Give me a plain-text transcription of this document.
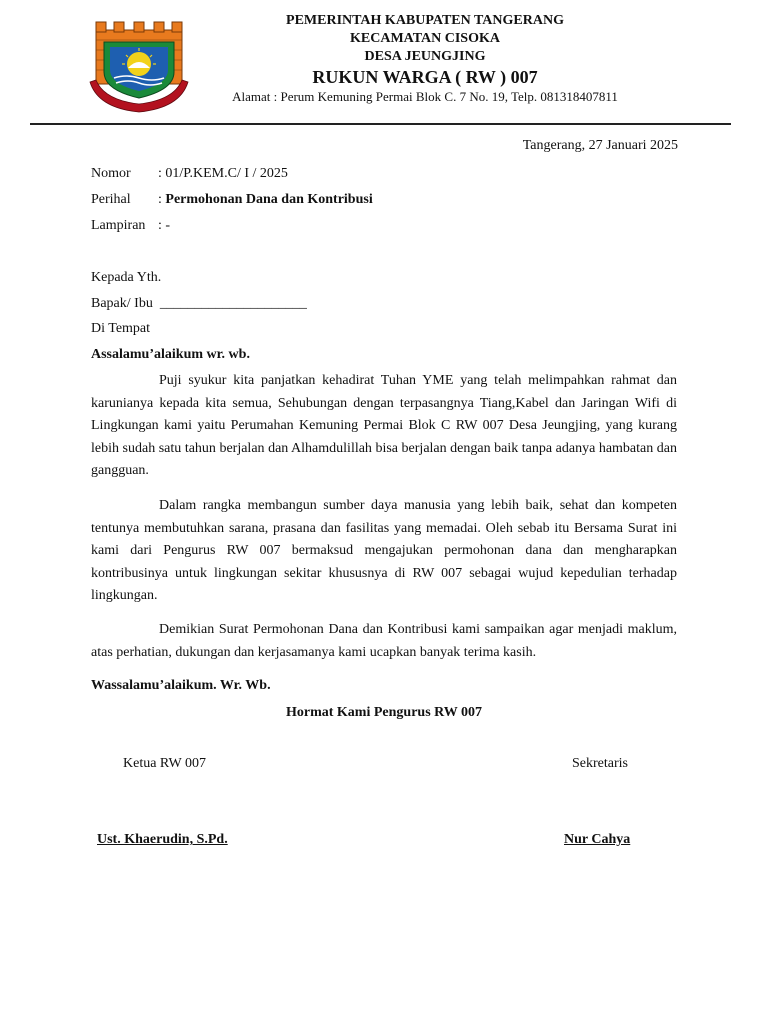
PEMERINTAH KABUPATEN TANGERANG
KECAMATAN CISOKA
DESA JEUNGJING
RUKUN WARGA ( RW ) 007
Alamat : Perum Kemuning Permai Blok C. 7 No. 19, Telp. 081318407811
Tangerang, 27 Januari 2025
Nomor : 01/P.KEM.C/ I / 2025
Perihal : Permohonan Dana dan Kontribusi
Lampiran : -
Kepada Yth.
Bapak/ Ibu  _____________________
Di Tempat
Assalamu’alaikum wr. wb.
Puji syukur kita panjatkan kehadirat Tuhan YME yang telah melimpahkan rahmat dan karunianya kepada kita semua, Sehubungan dengan terpasangnya Tiang,Kabel dan Jaringan Wifi di Lingkungan kami yaitu Perumahan Kemuning Permai Blok C RW 007 Desa Jeungjing, yang kurang lebih sudah satu tahun berjalan dan Alhamdulillah bisa berjalan dengan baik tanpa adanya hambatan dan gangguan.
Dalam rangka membangun sumber daya manusia yang lebih baik, sehat dan kompeten tentunya membutuhkan sarana, prasana dan fasilitas yang memadai. Oleh sebab itu Bersama Surat ini kami dari Pengurus RW 007 bermaksud mengajukan permohonan dana dan mengharapkan kontribusinya untuk lingkungan sekitar khususnya di RW 007 sebagai wujud kepedulian terhadap lingkungan.
Demikian Surat Permohonan Dana dan Kontribusi kami sampaikan agar menjadi maklum, atas perhatian, dukungan dan kerjasamanya kami ucapkan banyak terima kasih.
Wassalamu’alaikum. Wr. Wb.
Hormat Kami Pengurus RW 007
Ketua RW 007	Sekretaris
Ust. Khaerudin, S.Pd.	Nur Cahya
